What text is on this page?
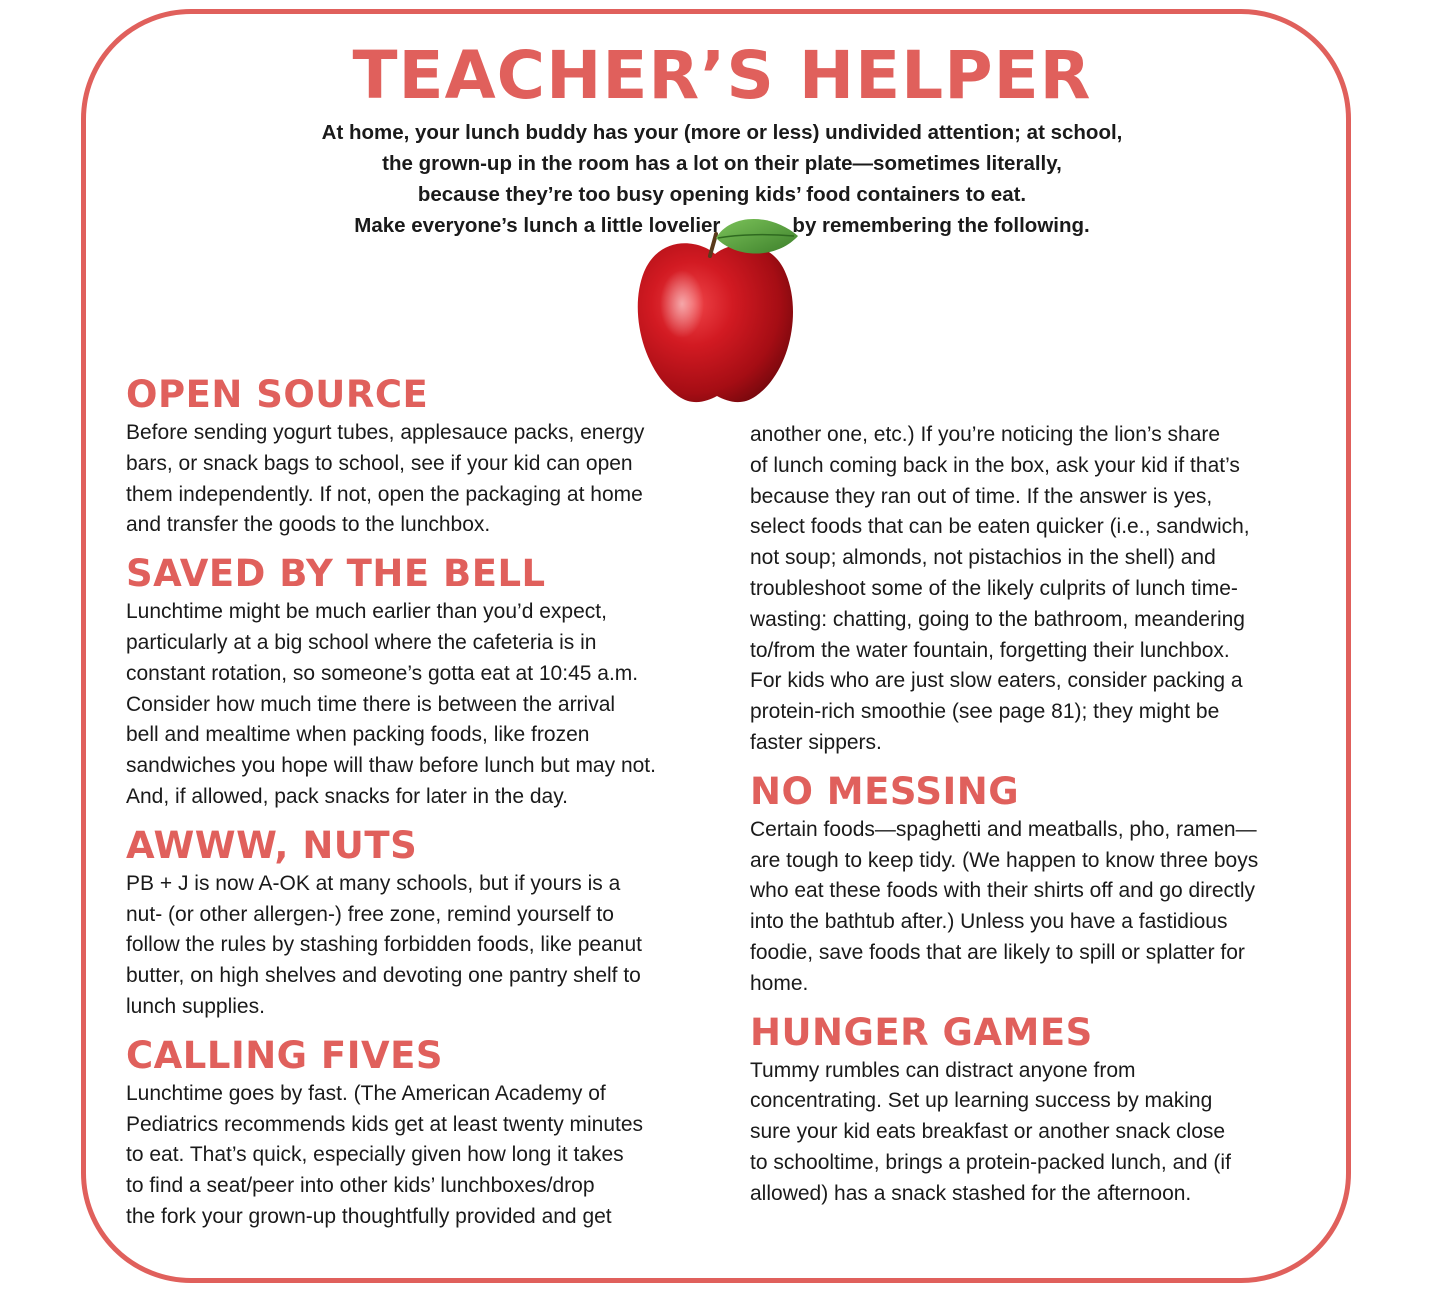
TEACHER’S HELPER
At home, your lunch buddy has your (more or less) undivided attention; at school,
the grown-up in the room has a lot on their plate—sometimes literally,
because they’re too busy opening kids’ food containers to eat.
Make everyone’s lunch a little lovelier	by remembering the following.
OPEN SOURCE

Before sending yogurt tubes, applesauce packs, energy
bars, or snack bags to school, see if your kid can open
them independently. If not, open the packaging at home
and transfer the goods to the lunchbox.

SAVED BY THE BELL

Lunchtime might be much earlier than you’d expect,
particularly at a big school where the cafeteria is in
constant rotation, so someone’s gotta eat at 10:45 a.m.
Consider how much time there is between the arrival
bell and mealtime when packing foods, like frozen
sandwiches you hope will thaw before lunch but may not.
And, if allowed, pack snacks for later in the day.

AWWW, NUTS

PB + J is now A-OK at many schools, but if yours is a
nut- (or other allergen-) free zone, remind yourself to
follow the rules by stashing forbidden foods, like peanut
butter, on high shelves and devoting one pantry shelf to
lunch supplies.

CALLING FIVES

Lunchtime goes by fast. (The American Academy of
Pediatrics recommends kids get at least twenty minutes
to eat. That’s quick, especially given how long it takes
to find a seat/peer into other kids’ lunchboxes/drop
the fork your grown-up thoughtfully provided and get

another one, etc.) If you’re noticing the lion’s share
of lunch coming back in the box, ask your kid if that’s
because they ran out of time. If the answer is yes,
select foods that can be eaten quicker (i.e., sandwich,
not soup; almonds, not pistachios in the shell) and
troubleshoot some of the likely culprits of lunch time-
wasting: chatting, going to the bathroom, meandering
to/from the water fountain, forgetting their lunchbox.
For kids who are just slow eaters, consider packing a
protein-rich smoothie (see page 81); they might be
faster sippers.

NO MESSING

Certain foods—spaghetti and meatballs, pho, ramen—
are tough to keep tidy. (We happen to know three boys
who eat these foods with their shirts off and go directly
into the bathtub after.) Unless you have a fastidious
foodie, save foods that are likely to spill or splatter for
home.

HUNGER GAMES

Tummy rumbles can distract anyone from
concentrating. Set up learning success by making
sure your kid eats breakfast or another snack close
to schooltime, brings a protein-packed lunch, and (if
allowed) has a snack stashed for the afternoon.
